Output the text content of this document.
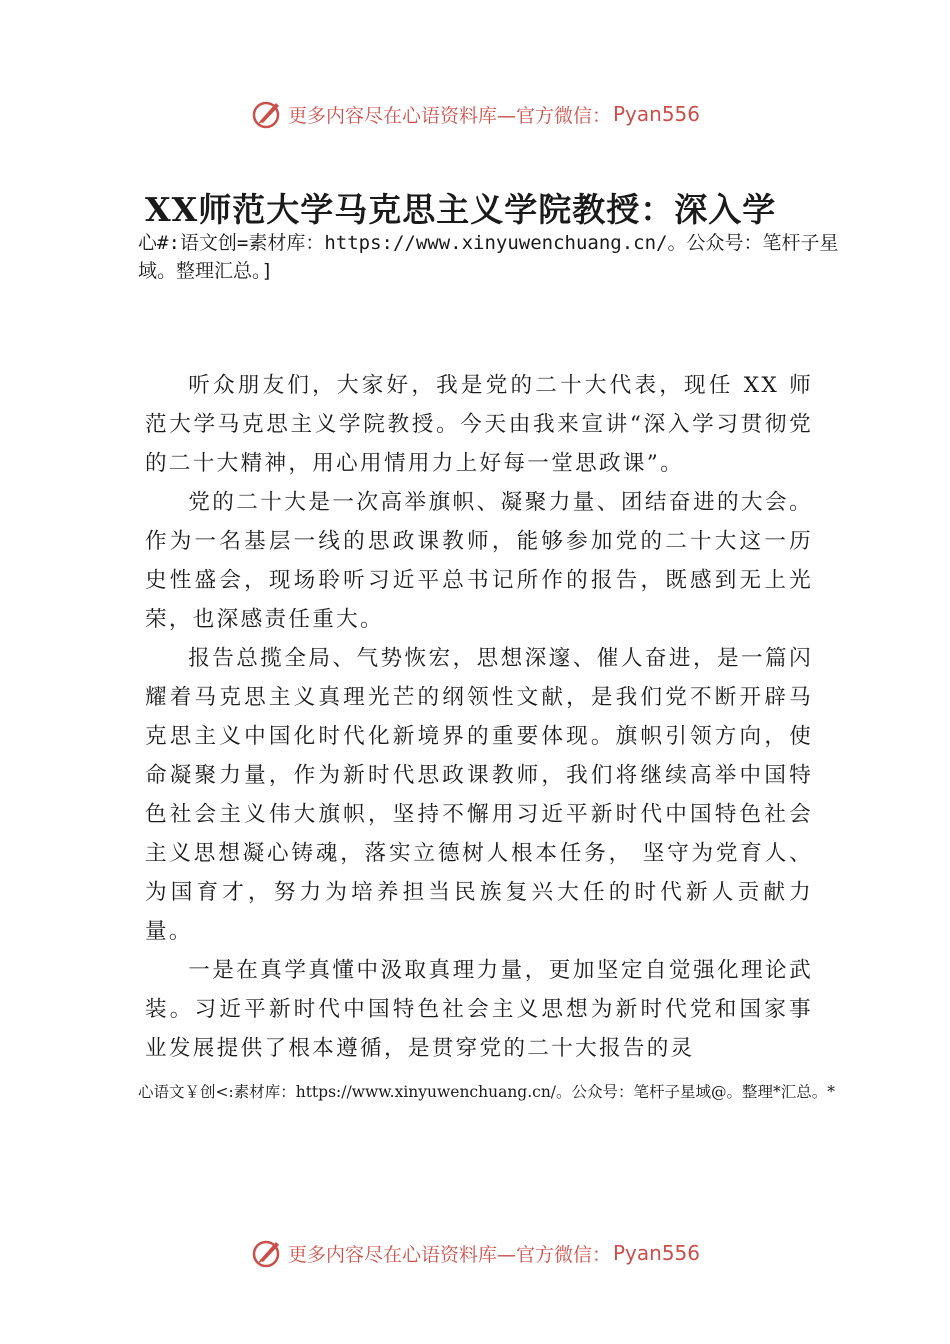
更多内容尽在心语资料库—官方微信： Pyan556
XX师范大学马克思主义学院教授：深入学
心#:语文创=素材库：https://www.xinyuwenchuang.cn/。公众号：笔杆子星域。整理汇总。]

听众朋友们，大家好，我是党的二十大代表，现任 XX 师范大学马克思主义学院教授。今天由我来宣讲“深入学习贯彻党的二十大精神，用心用情用力上好每一堂思政课”。

党的二十大是一次高举旗帜、凝聚力量、团结奋进的大会。作为一名基层一线的思政课教师，能够参加党的二十大这一历史性盛会，现场聆听习近平总书记所作的报告，既感到无上光荣，也深感责任重大。

报告总揽全局、气势恢宏，思想深邃、催人奋进，是一篇闪耀着马克思主义真理光芒的纲领性文献，是我们党不断开辟马克思主义中国化时代化新境界的重要体现。旗帜引领方向，使命凝聚力量，作为新时代思政课教师，我们将继续高举中国特色社会主义伟大旗帜，坚持不懈用习近平新时代中国特色社会主义思想凝心铸魂，落实立德树人根本任务， 坚守为党育人、为国育才，努力为培养担当民族复兴大任的时代新人贡献力量。

一是在真学真懂中汲取真理力量，更加坚定自觉强化理论武装。习近平新时代中国特色社会主义思想为新时代党和国家事业发展提供了根本遵循，是贯穿党的二十大报告的灵

心语文￥创<:素材库：https://www.xinyuwenchuang.cn/。公众号：笔杆子星域@。整理*汇总。*
更多内容尽在心语资料库—官方微信： Pyan556
